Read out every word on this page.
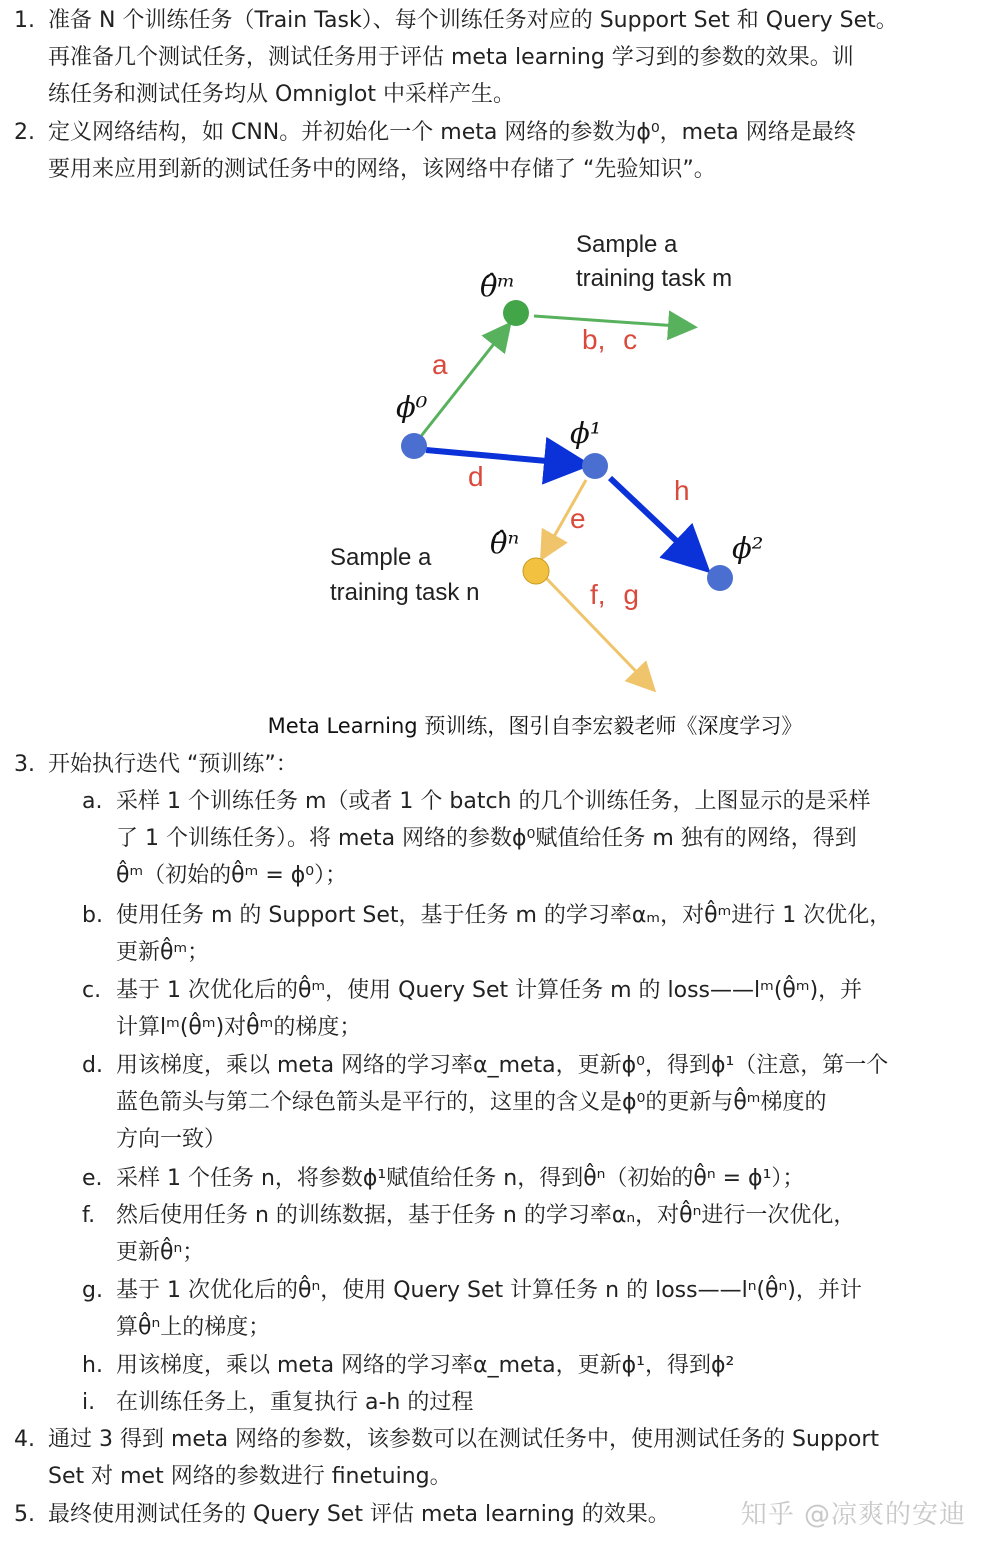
1. 准备 N 个训练任务（Train Task）、每个训练任务对应的 Support Set 和 Query Set。
再准备几个测试任务，测试任务用于评估 meta learning 学习到的参数的效果。训
练任务和测试任务均从 Omniglot 中采样产生。
2. 定义网络结构，如 CNN。并初始化一个 meta 网络的参数为ϕ⁰，meta 网络是最终
要用来应用到新的测试任务中的网络，该网络中存储了 “先验知识”。
ϕ⁰
θ̂ᵐ
ϕ¹
θ̂ⁿ	ϕ²
a
b, c
d
e
f, g
h
Sample a
training task m
Sample a
training task n
Meta Learning 预训练，图引自李宏毅老师《深度学习》
3. 开始执行迭代 “预训练”：
a. 采样 1 个训练任务 m（或者 1 个 batch 的几个训练任务，上图显示的是采样
了 1 个训练任务）。将 meta 网络的参数ϕ⁰赋值给任务 m 独有的网络，得到
θ̂ᵐ（初始的θ̂ᵐ = ϕ⁰）；
b. 使用任务 m 的 Support Set，基于任务 m 的学习率αₘ，对θ̂ᵐ进行 1 次优化，
更新θ̂ᵐ；
c. 基于 1 次优化后的θ̂ᵐ，使用 Query Set 计算任务 m 的 loss——lᵐ(θ̂ᵐ)，并
计算lᵐ(θ̂ᵐ)对θ̂ᵐ的梯度；
d. 用该梯度，乘以 meta 网络的学习率α_meta，更新ϕ⁰，得到ϕ¹（注意，第一个
蓝色箭头与第二个绿色箭头是平行的，这里的含义是ϕ⁰的更新与θ̂ᵐ梯度的
方向一致）
e. 采样 1 个任务 n，将参数ϕ¹赋值给任务 n，得到θ̂ⁿ（初始的θ̂ⁿ = ϕ¹）；
f. 然后使用任务 n 的训练数据，基于任务 n 的学习率αₙ，对θ̂ⁿ进行一次优化，
更新θ̂ⁿ；
g. 基于 1 次优化后的θ̂ⁿ，使用 Query Set 计算任务 n 的 loss——lⁿ(θ̂ⁿ)，并计
算θ̂ⁿ上的梯度；
h. 用该梯度，乘以 meta 网络的学习率α_meta，更新ϕ¹，得到ϕ²
i. 在训练任务上，重复执行 a-h 的过程
4. 通过 3 得到 meta 网络的参数，该参数可以在测试任务中，使用测试任务的 Support
Set 对 met 网络的参数进行 finetuing。
5. 最终使用测试任务的 Query Set 评估 meta learning 的效果。	知乎 @凉爽的安迪
